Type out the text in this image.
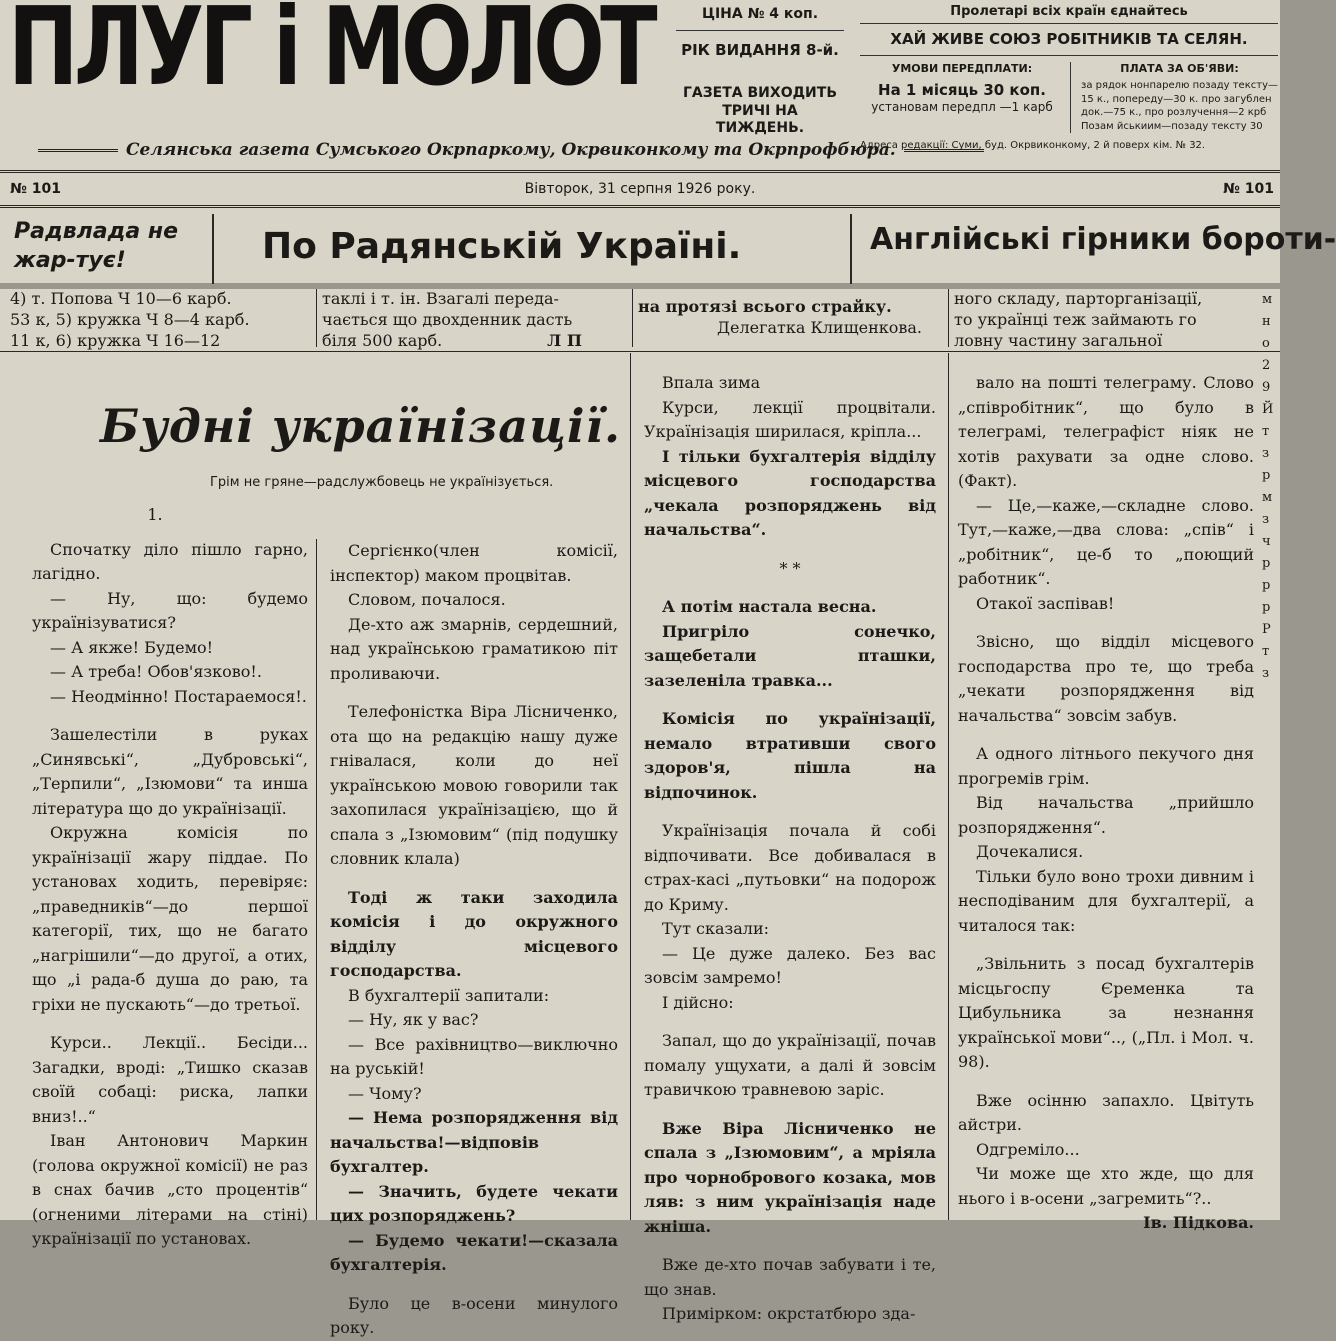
ПЛУГ і МОЛОТ
Селянська газета Сумського Окрпаркому, Окрвиконкому та Окрпрофбюра.
ЦІНА № 4 коп.
РІК ВИДАННЯ 8-й.
ГАЗЕТА ВИХОДИТЬ
ТРИЧІ НА ТИЖДЕНЬ.
Пролетарі всіх країн єднайтесь
ХАЙ ЖИВЕ СОЮЗ РОБІТНИКІВ ТА СЕЛЯН.
УМОВИ ПЕРЕДПЛАТИ:
На 1 місяць 30 коп.
установам передпл —1 карб
ПЛАТА ЗА ОБ'ЯВИ:
за рядок нонпарелю позаду тексту—
15 к., попереду—30 к. про загублен
док.—75 к., про розлучення—2 крб
Позам йськиим—позаду тексту 30
Адреса редакції: Суми, буд. Окрвиконкому, 2 й поверх кім. № 32.
№ 101	Вівторок, 31 серпня 1926 року.	№ 101
Радвлада не жар-тує!	По Радянській Україні.	Англійські гірники бороти-
4) т. Попова Ч 10—6 карб.
53 к, 5) кружка Ч 8—4 карб.
11 к, 6) кружка Ч 16—12
таклі і т. ін. Взагалі переда-
чається що двохденник дасть
біля 500 карб.	Л П
на протязі всього страйку.
Делегатка Клищенкова.
ного складу, парторганізації,
то українці теж займають го
ловну частину загальної
Будні українізації.
Грім не гряне—радслужбовець не українізується.

1.

Спочатку діло пішло гарно, лагідно.

— Ну, що: будемо українізуватися?

— А якже! Будемо!

— А треба! Обов'язково!.

— Неодмінно! Постараемося!.

Зашелестіли в руках „Синявські“, „Дубровські“, „Терпили“, „Ізюмови“ та инша література що до українізації.

Окружна комісія по українізації жару піддае. По установах ходить, перевіряє: „праведників“—до першої категорії, тих, що не багато „нагрішили“—до другої, а отих, що „і рада-б душа до раю, та гріхи не пускають“—до третьої.

Курси.. Лекції.. Бесіди... Загадки, вроді: „Тишко сказав своїй собаці: риска, лапки вниз!..“

Іван Антонович Маркин (голова окружної комісії) не раз в снах бачив „сто процентів“ (огненими літерами на стіні) українізації по установах.

Сергієнко(член комісії, інспектор) маком процвітав.

Словом, почалося.

Де-хто аж змарнів, сердешний, над українською граматикою піт проливаючи.

Телефоністка Віра Лісниченко, ота що на редакцію нашу дуже гнівалася, коли до неї українською мовою говорили так захопилася українізацією, що й спала з „Ізюмовим“ (під подушку словник клала)

Тоді ж таки заходила комісія і до окружного відділу місцевого господарства.

В бухгалтерії запитали:

— Ну, як у вас?

— Все рахівництво—виключно на руській!

— Чому?

— Нема розпорядження від начальства!—відповів бухгалтер.

— Значить, будете чекати цих розпоряджень?

— Будемо чекати!—сказала бухгалтерія.

Було це в-осени минулого року.

Впала зима

Курси, лекції процвітали. Українізація ширилася, кріпла...

І тільки бухгалтерія відділу місцевого господарства „чекала розпоряджень від начальства“.

* *

А потім настала весна.

Пригріло сонечко, защебетали пташки, зазеленіла травка...

Комісія по українізації, немало втративши свого здоров'я, пішла на відпочинок.

Українізація почала й собі відпочивати. Все добивалася в страх-касі „путьовки“ на подорож до Криму.

Тут сказали:

— Це дуже далеко. Без вас зовсім замремо!

І дійсно:

Запал, що до українізації, почав помалу ущухати, а далі й зовсім травичкою травневою заріс.

Вже Віра Лісниченко не спала з „Ізюмовим“, а мріяла про чорнобрового козака, мов ляв: з ним українізація наде жніша.

Вже де-хто почав забувати і те, що знав.

Примірком: окрстатбюро зда-

вало на пошті телеграму. Слово „співробітник“, що було в телеграмі, телеграфіст ніяк не хотів рахувати за одне слово. (Факт).

— Це,—каже,—складне слово. Тут,—каже,—два слова: „спів“ і „робітник“, це-б то „поющий работник“.

Отакої заспівав!

Звісно, що відділ місцевого господарства про те, що треба „чекати розпорядження від начальства“ зовсім забув.

А одного літнього пекучого дня прогремів грім.

Від начальства „прийшло розпорядження“.

Дочекалися.

Тільки було воно трохи дивним і несподіваним для бухгалтерії, а читалося так:

„Звільнить з посад бухгалтерів місцьгоспу Єременка та Цибульника за незнання української мови“.., („Пл. і Мол. ч. 98).

Вже осінню запахло. Цвітуть айстри.

Одгреміло...

Чи може ще хто жде, що для нього і в-осени „загремить“?..

Ів. Підкова.

м
н
о
2
9
Й
т
з
р
м
з
ч
р
р
р
Р
т
з
